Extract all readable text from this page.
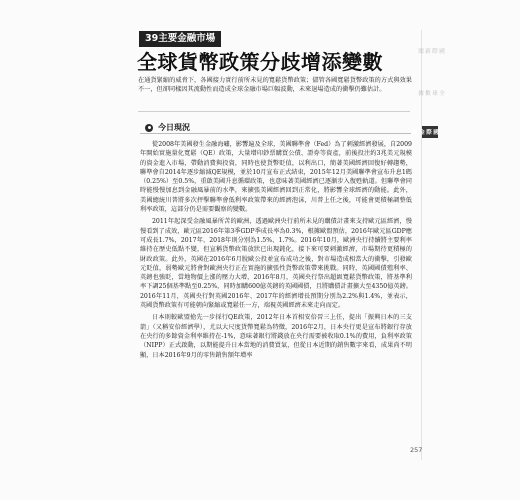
39主要金融市場
全球貨幣政策分歧增添變數
在通貨緊縮的威脅下，各國接力實行前所未見的寬鬆貨幣政策；儘管各國寬鬆貨幣政策的方式與效果不一，但卻同樣因其流動性而造成全球金融市場巨幅波動，未來退場造成的衝擊仍難估計。
今日現況

從2008年美國發生金融海嘯，影響遍及全球，美國聯準會（Fed）為了刺激經濟發展，自2009年開始實施量化寬鬆（QE）政策，大量增印鈔票購買公債、證券等資產，前後投注約3兆美元規模的資金進入市場，帶動消費與投資，同時也使貨幣貶值，以利出口，簡著美國經濟回復好轉趨勢，聯準會自2014年逐步縮減QE規模，並於10月宣布正式結束，2015年12月美國聯準會宣布升息1碼（0.25%）至0.5%，重啟美國升息循環政策，也意味著美國經濟已逐漸步入復甦軌道。但聯準會同時能慢慢加息到金融風暴前的水準，來擴張美國經濟回到正常化，將影響全球經濟的動能。此外，美國總統川普將多次抨擊聯準會低利率政策帶來的經濟泡沫，川普上任之後，可能會更積極調整低利率政策，這部分仍是需要觀察的變數。

2011年起深受金融風暴所苦的歐洲，透過歐洲央行前所未見的購債計畫來支持歐元區經濟，慢慢看到了成效，歐元區2016年第3季GDP季成長率為0.3%，根據歐盟預估，2016年歐元區GDP應可成長1.7%，2017年、2018年則分別為1.5%、1.7%。2016年10月，歐洲央行持續將主要利率維持在歷史低點不變，但宣稱貨幣政策放狀已出現鈍化，接下來可要刺激經濟，市場期待更積極的財政政策。此外，英國在2016年6月脫歐公投並宣布成功之後，對市場造成相當大的衝擊，引發歐元貶值，弱勢歐元將會對歐洲央行正在實施的擴張性貨幣政策帶來挑戰。同時，英國國債殖利率、英鎊也強貶，當地物價上漲的壓力大增，2016年8月，英國央行祭出超級寬鬆貨幣政策，將基準利率下調25個基準點至0.25%，同時加購600億英鎊的英國國債，且將購債計畫擴大至4350億英鎊。2016年11月，英國央行對英國2016年、2017年的經濟增長預期分別為2.2%與1.4%，並表示，英國貨幣政策有可能朝向緊縮或寬鬆任一方，端視英國經濟未來走向而定。

日本則較歐盟搶先一步採行QE政策，2012年日本首相安倍晉三上任，提出「振興日本的三支箭」（又稱安倍經濟學），尤以大尺度貨幣寬鬆為特徵，2016年2月，日本央行更是宣布將銀行存放在央行的多餘資金利率維持在-1%，意味著銀行將錢放在央行需要被收取0.1%的費用，負利率政策（NIPP）正式啟動，以期能提升日本當地的消費買氣，但從日本近期的銷售數字來看，成果尚不明顯，日本2016年9月的零售銷售額年增率

國際新聞
全球數據
國際金融
257
